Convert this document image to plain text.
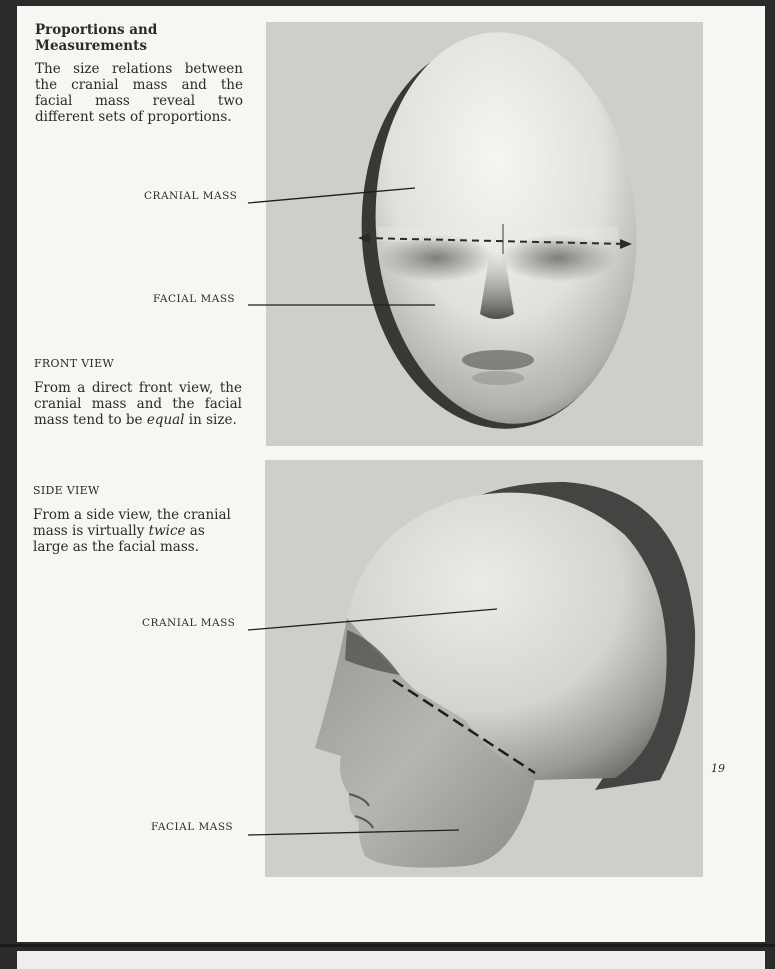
Proportions and Measurements
The size relations between the cranial mass and the facial mass reveal two different sets of proportions.
FRONT VIEW
From a direct front view, the cranial mass and the facial mass tend to be equal in size.
SIDE VIEW
From a side view, the cranial mass is virtually twice as large as the facial mass.
CRANIAL MASS
FACIAL MASS
CRANIAL MASS
FACIAL MASS
19
